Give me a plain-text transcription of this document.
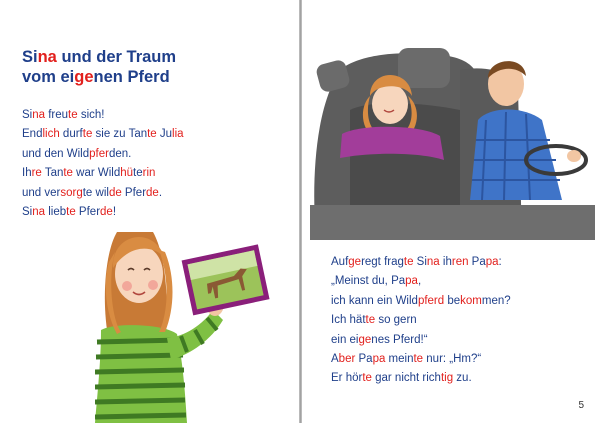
Sina und der Traum
vom eigenen Pferd
Sina freute sich!
Endlich durfte sie zu Tante Julia
und den Wildpferden.
Ihre Tante war Wildhüterin
und versorgte wilde Pferde.
Sina liebte Pferde!
Aufgeregt fragte Sina ihren Papa:
„Meinst du, Papa,
ich kann ein Wildpferd bekommen?
Ich hätte so gern
ein eigenes Pferd!“
Aber Papa meinte nur: „Hm?“
Er hörte gar nicht richtig zu.
5
